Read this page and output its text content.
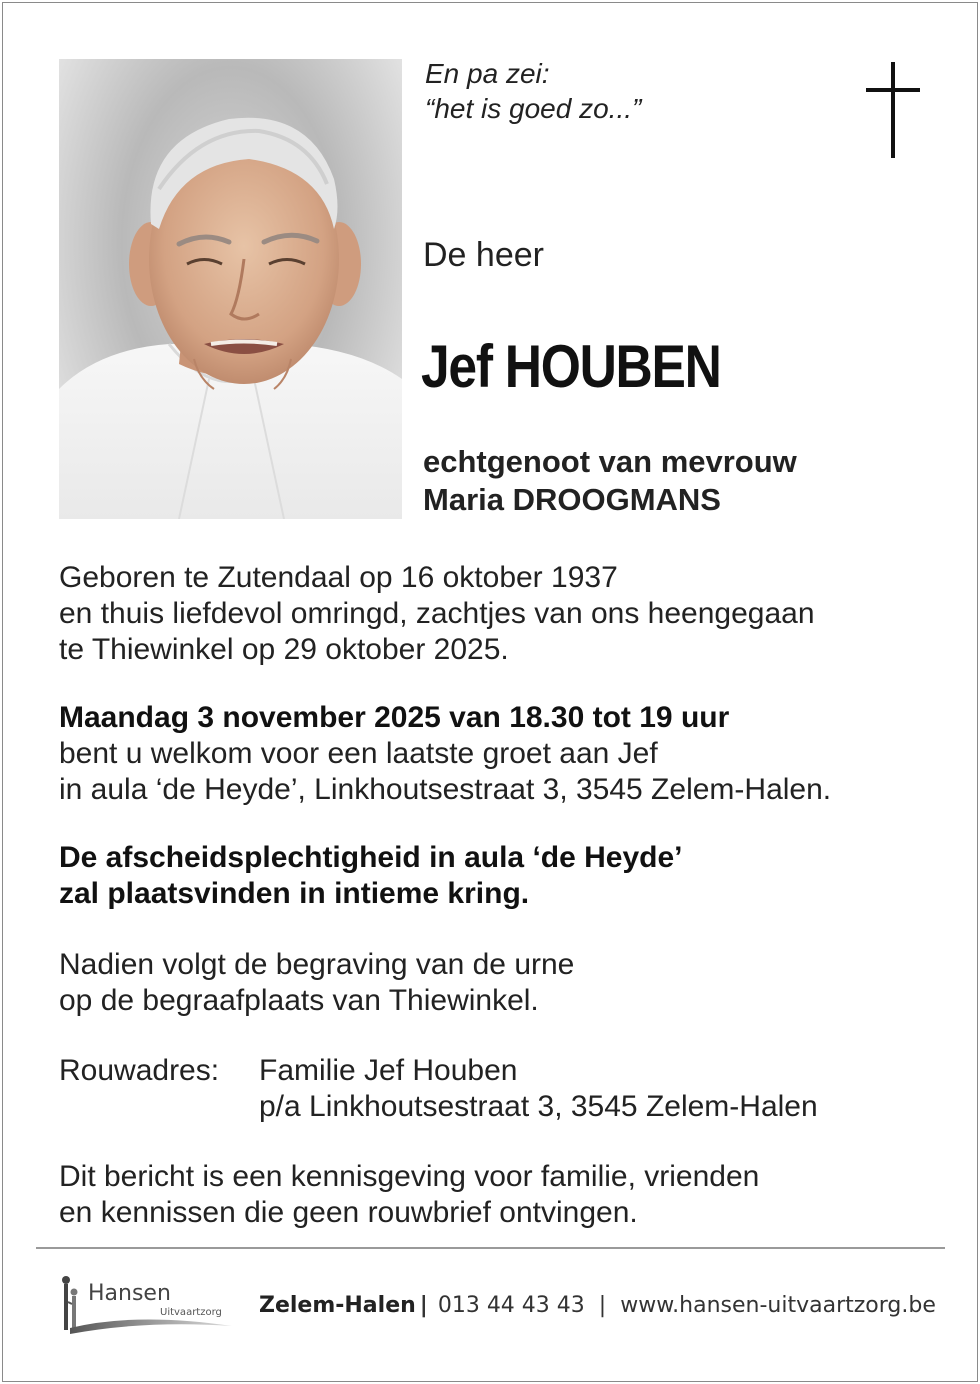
En pa zei:
“het is goed zo...”
De heer
Jef HOUBEN
echtgenoot van mevrouw
Maria DROOGMANS
Geboren te Zutendaal op 16 oktober 1937
en thuis liefdevol omringd, zachtjes van ons heengegaan
te Thiewinkel op 29 oktober 2025.
Maandag 3 november 2025 van 18.30 tot 19 uur
bent u welkom voor een laatste groet aan Jef
in aula ‘de Heyde’, Linkhoutsestraat 3, 3545 Zelem-Halen.
De afscheidsplechtigheid in aula ‘de Heyde’
zal plaatsvinden in intieme kring.
Nadien volgt de begraving van de urne
op de begraafplaats van Thiewinkel.
Rouwadres: Familie Jef Houben
p/a Linkhoutsestraat 3, 3545 Zelem-Halen
Dit bericht is een kennisgeving voor familie, vrienden
en kennissen die geen rouwbrief ontvingen.
Hansen
Uitvaartzorg Zelem-Halen | 013 44 43 43 | www.hansen-uitvaartzorg.be
